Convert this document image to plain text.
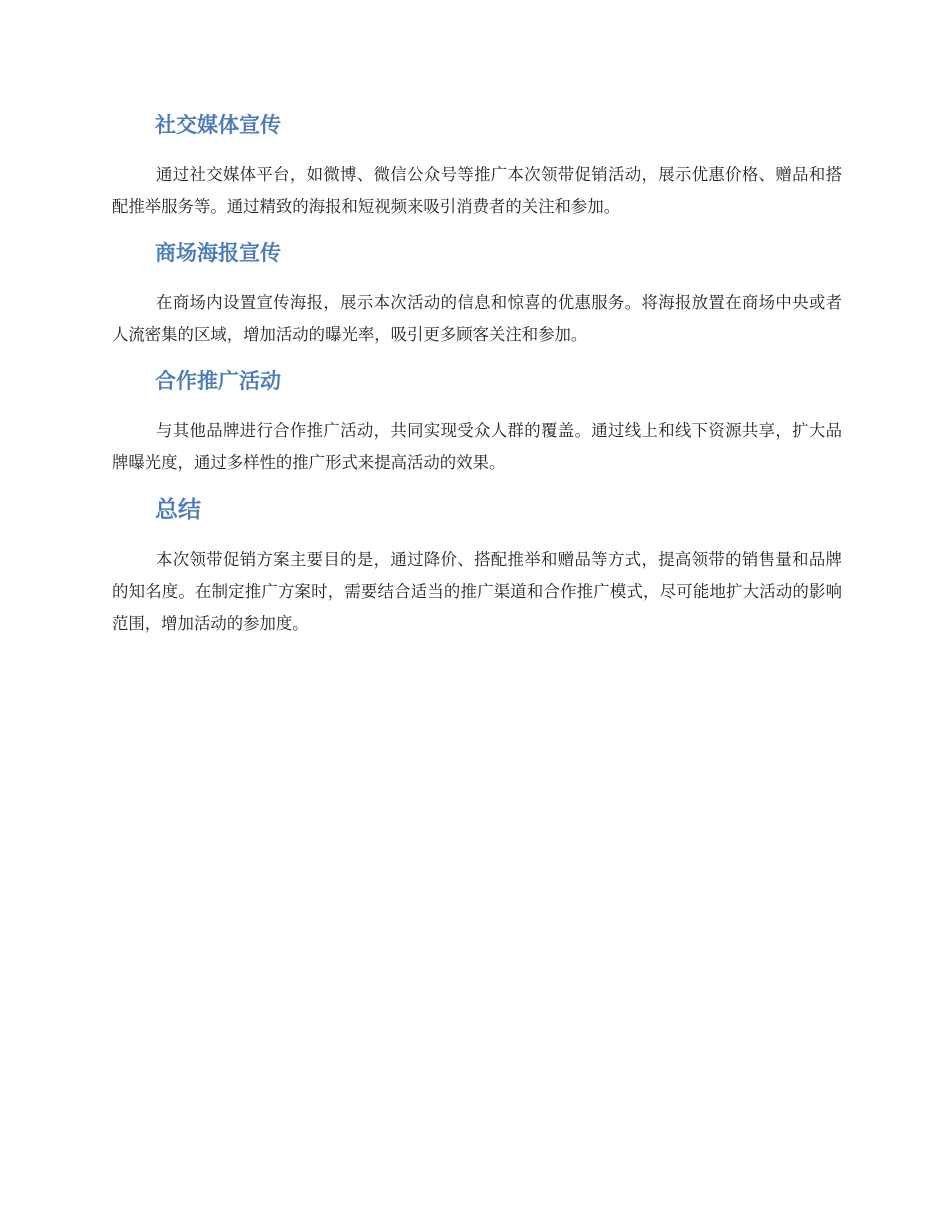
社交媒体宣传

通过社交媒体平台，如微博、微信公众号等推广本次领带促销活动，展示优惠价格、赠品和搭配推举服务等。通过精致的海报和短视频来吸引消费者的关注和参加。

商场海报宣传

在商场内设置宣传海报，展示本次活动的信息和惊喜的优惠服务。将海报放置在商场中央或者人流密集的区域，增加活动的曝光率，吸引更多顾客关注和参加。

合作推广活动

与其他品牌进行合作推广活动，共同实现受众人群的覆盖。通过线上和线下资源共享，扩大品牌曝光度，通过多样性的推广形式来提高活动的效果。

总结

本次领带促销方案主要目的是，通过降价、搭配推举和赠品等方式，提高领带的销售量和品牌的知名度。在制定推广方案时，需要结合适当的推广渠道和合作推广模式，尽可能地扩大活动的影响范围，增加活动的参加度。
